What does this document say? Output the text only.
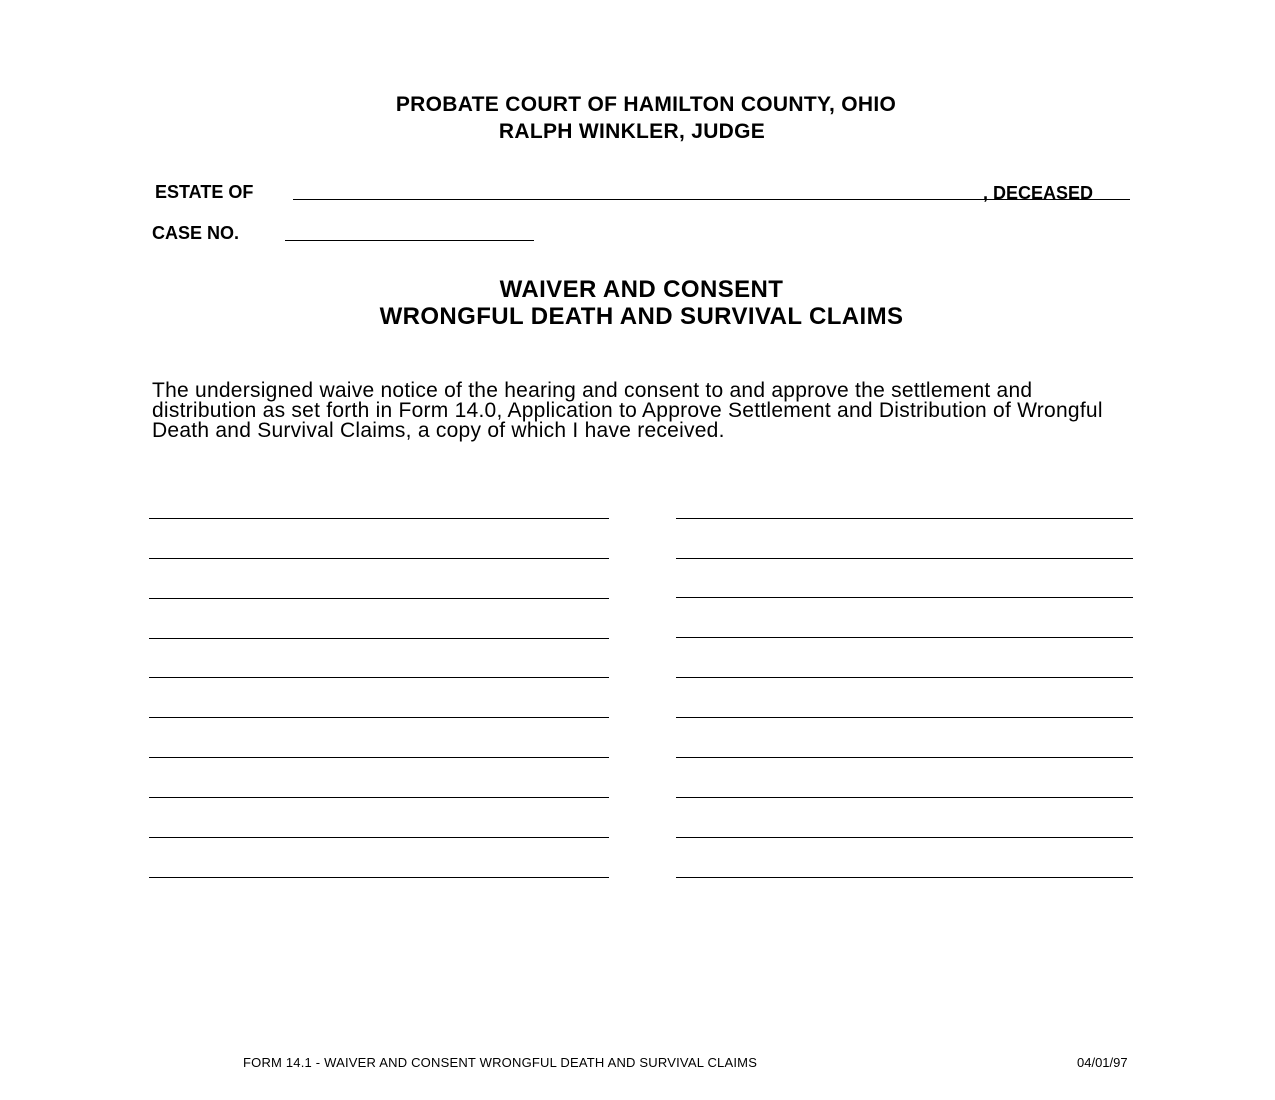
PROBATE COURT OF HAMILTON COUNTY, OHIO
RALPH WINKLER, JUDGE
ESTATE OF	, DECEASED
CASE NO.
WAIVER AND CONSENT
WRONGFUL DEATH AND SURVIVAL CLAIMS
The undersigned waive notice of the hearing and consent to and approve the settlement and distribution as set forth in Form 14.0, Application to Approve Settlement and Distribution of Wrongful Death and Survival Claims, a copy of which I have received.
FORM 14.1 - WAIVER AND CONSENT WRONGFUL DEATH AND SURVIVAL CLAIMS	04/01/97
